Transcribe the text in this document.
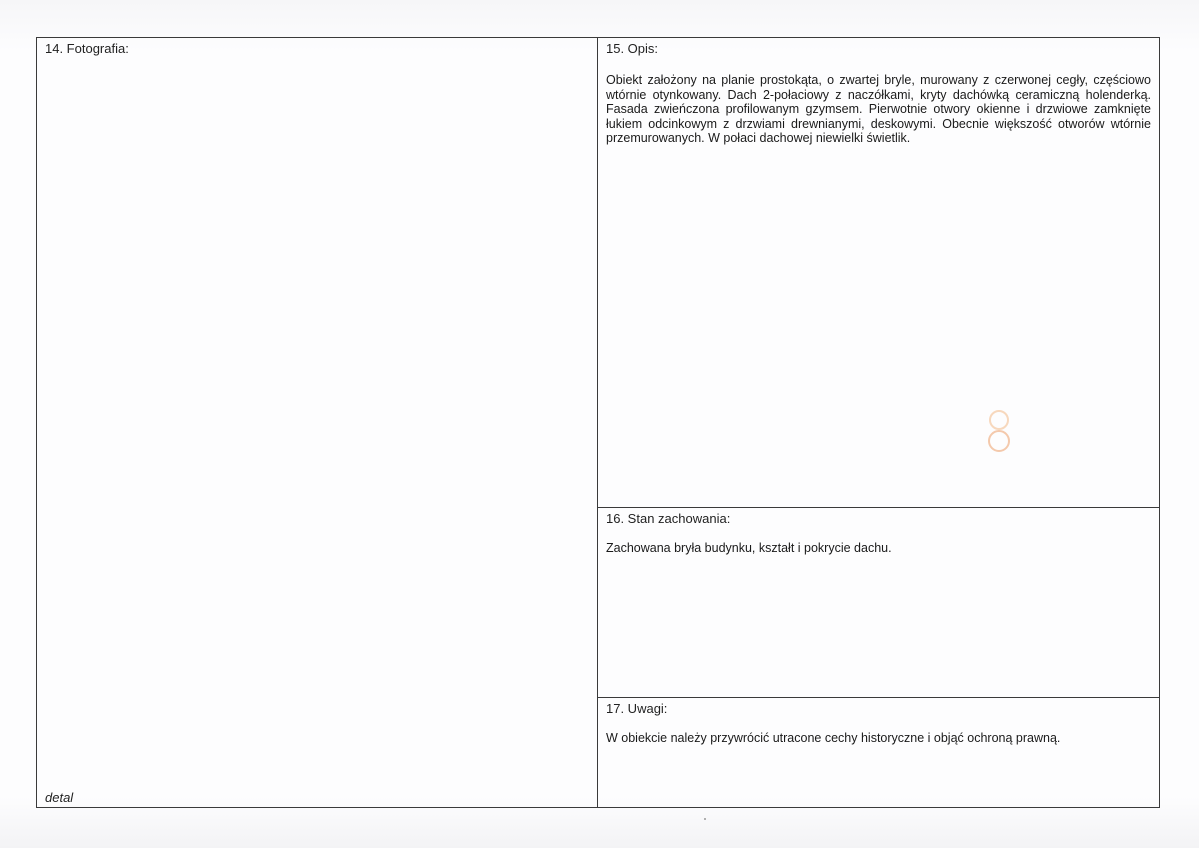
14. Fotografia:
detal
15. Opis:
Obiekt założony na planie prostokąta, o zwartej bryle, murowany z czerwonej cegły, częściowo wtórnie otynkowany. Dach 2-połaciowy z naczółkami, kryty dachówką ceramiczną holenderką. Fasada zwieńczona profilowanym gzymsem. Pierwotnie otwory okienne i drzwiowe zamknięte łukiem odcinkowym z drzwiami drewnianymi, deskowymi. Obecnie większość otworów wtórnie przemurowanych. W połaci dachowej niewielki świetlik.
16. Stan zachowania:
Zachowana bryła budynku, kształt i pokrycie dachu.
17. Uwagi:
W obiekcie należy przywrócić utracone cechy historyczne i objąć ochroną prawną.
